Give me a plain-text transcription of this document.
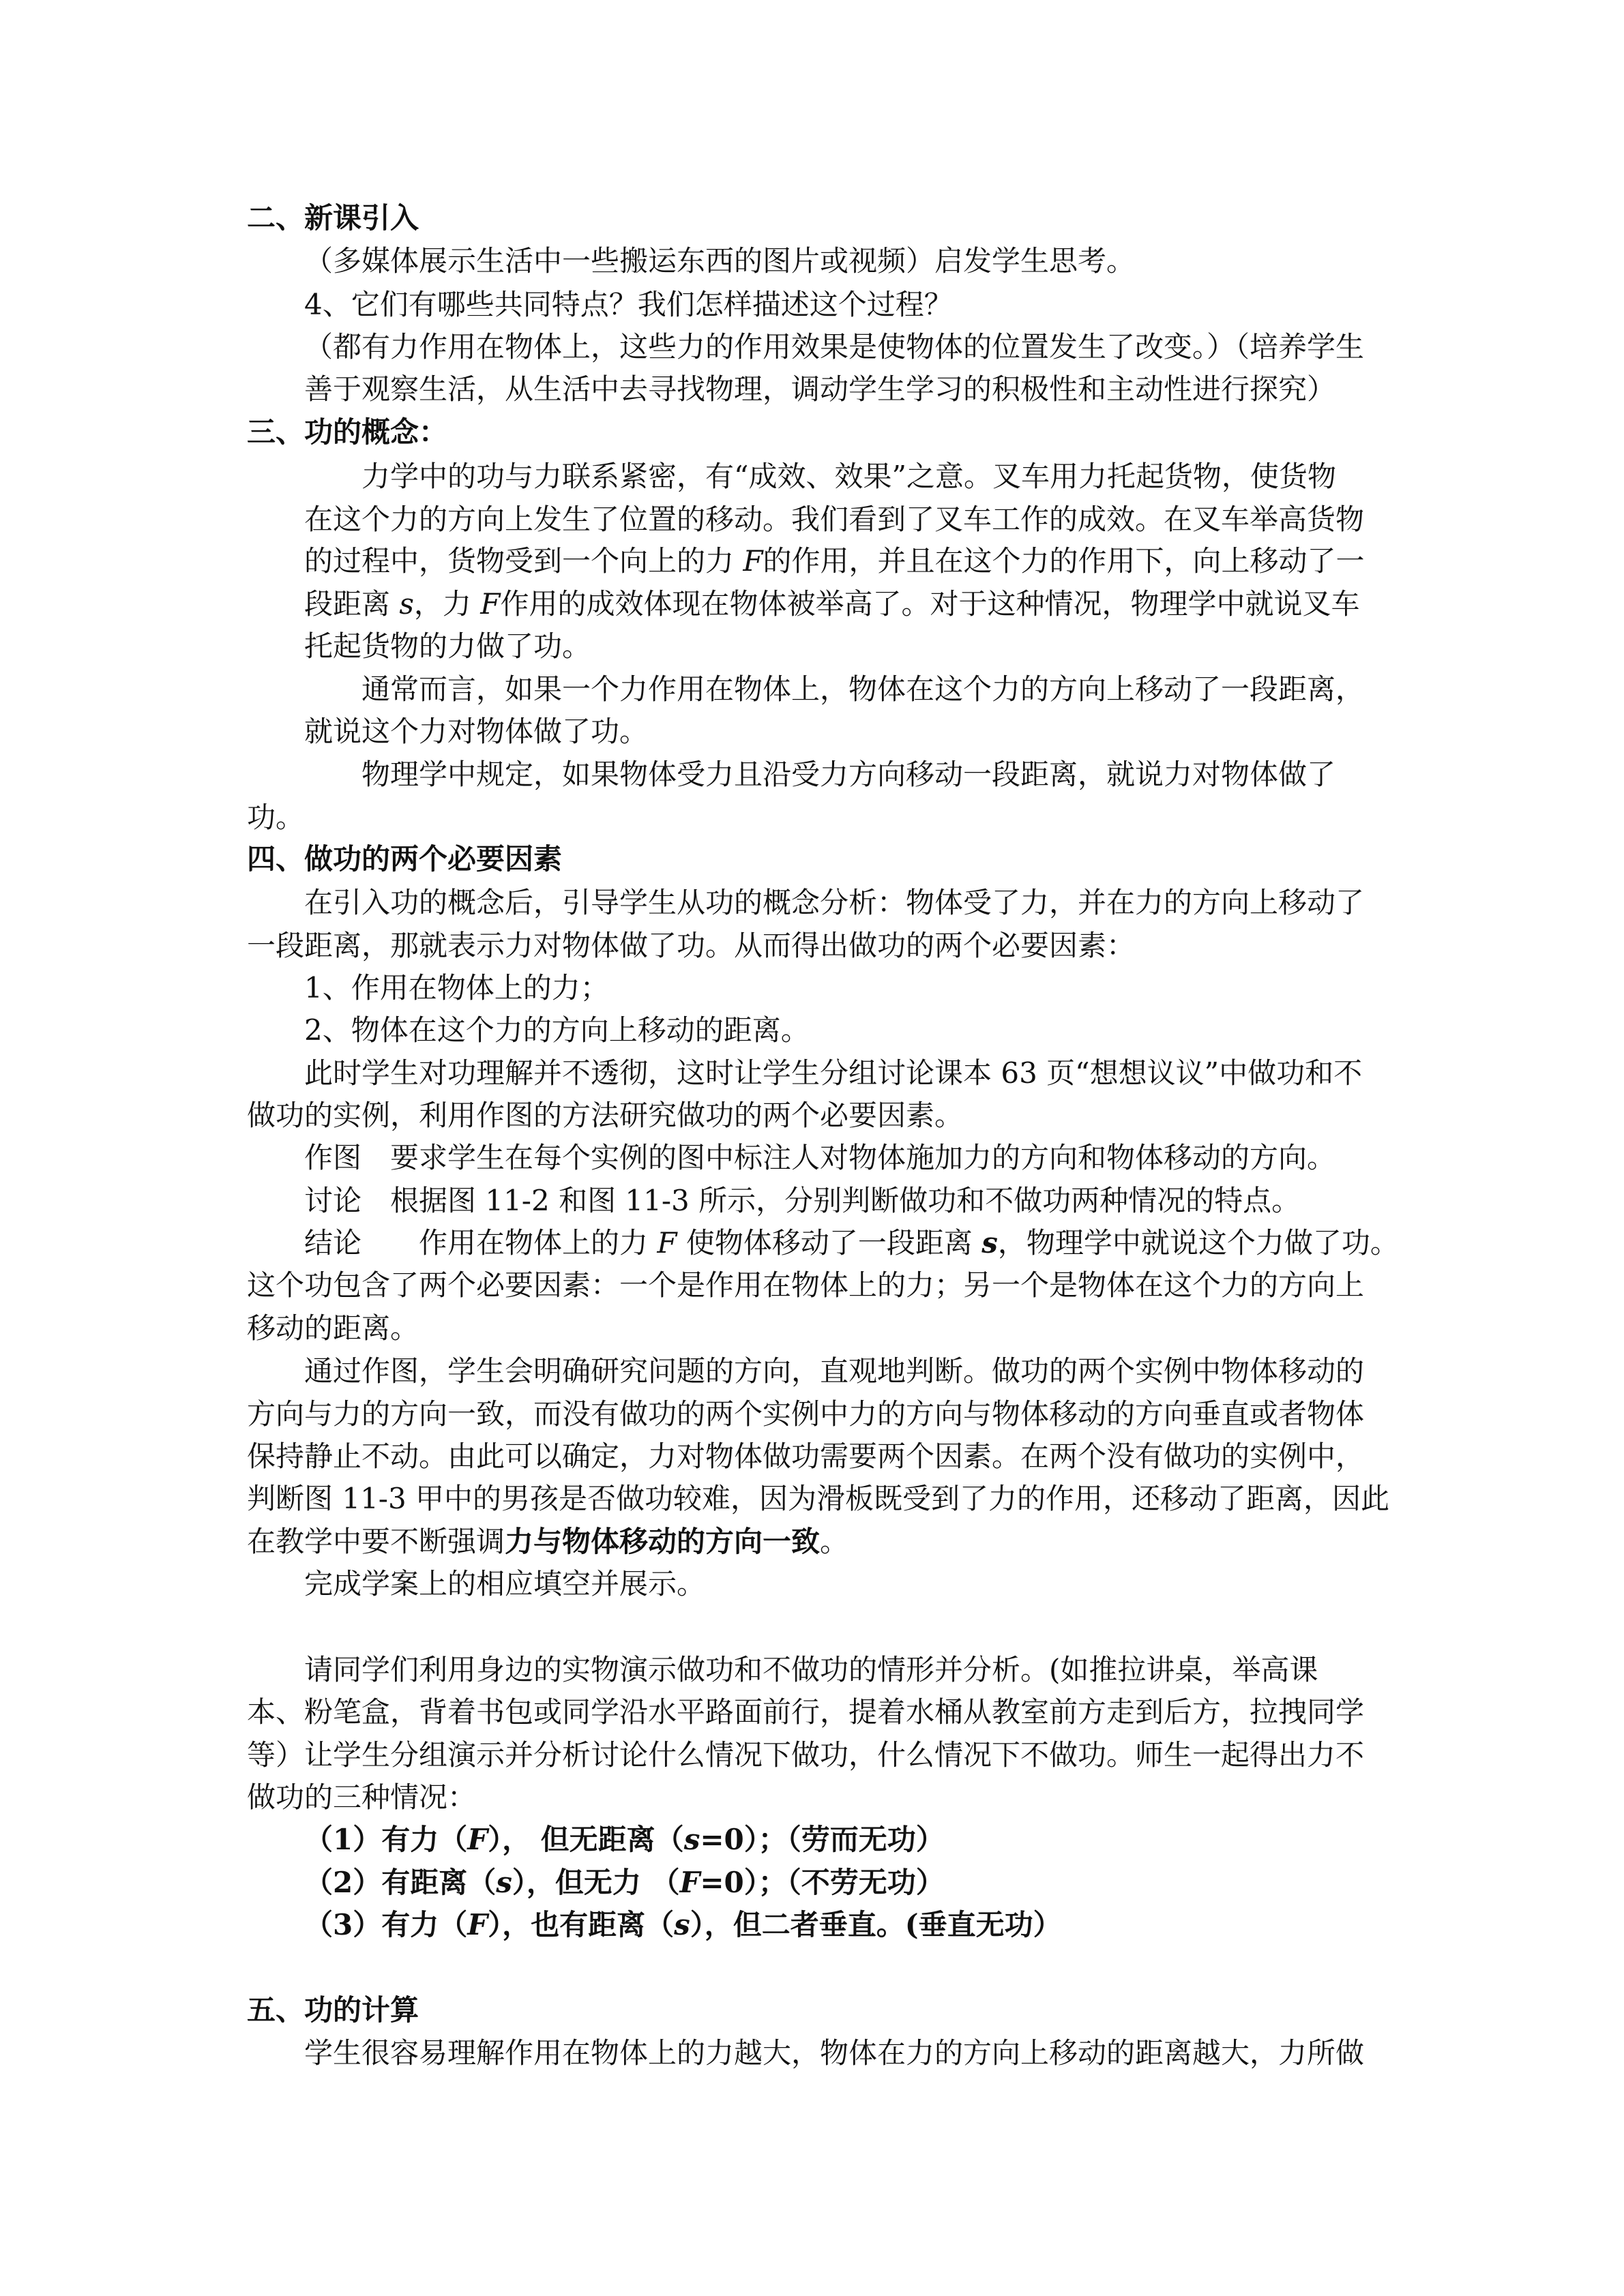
二、新课引入

（多媒体展示生活中一些搬运东西的图片或视频）启发学生思考。

4、它们有哪些共同特点？我们怎样描述这个过程？

（都有力作用在物体上，这些力的作用效果是使物体的位置发生了改变。）（培养学生

善于观察生活，从生活中去寻找物理，调动学生学习的积极性和主动性进行探究）

三、功的概念：

力学中的功与力联系紧密，有“成效、效果”之意。叉车用力托起货物，使货物

在这个力的方向上发生了位置的移动。我们看到了叉车工作的成效。在叉车举高货物

的过程中，货物受到一个向上的力 F的作用，并且在这个力的作用下，向上移动了一

段距离 s，力 F作用的成效体现在物体被举高了。对于这种情况，物理学中就说叉车

托起货物的力做了功。

通常而言，如果一个力作用在物体上，物体在这个力的方向上移动了一段距离，

就说这个力对物体做了功。

物理学中规定，如果物体受力且沿受力方向移动一段距离，就说力对物体做了

功。

四、做功的两个必要因素

在引入功的概念后，引导学生从功的概念分析：物体受了力，并在力的方向上移动了

一段距离，那就表示力对物体做了功。从而得出做功的两个必要因素：

1、作用在物体上的力；

2、物体在这个力的方向上移动的距离。

此时学生对功理解并不透彻，这时让学生分组讨论课本 63 页“想想议议”中做功和不

做功的实例，利用作图的方法研究做功的两个必要因素。

作图 要求学生在每个实例的图中标注人对物体施加力的方向和物体移动的方向。

讨论 根据图 11-2 和图 11-3 所示，分别判断做功和不做功两种情况的特点。

结论 作用在物体上的力 F 使物体移动了一段距离 s，物理学中就说这个力做了功。

这个功包含了两个必要因素：一个是作用在物体上的力；另一个是物体在这个力的方向上

移动的距离。

通过作图，学生会明确研究问题的方向，直观地判断。做功的两个实例中物体移动的

方向与力的方向一致，而没有做功的两个实例中力的方向与物体移动的方向垂直或者物体

保持静止不动。由此可以确定，力对物体做功需要两个因素。在两个没有做功的实例中，

判断图 11-3 甲中的男孩是否做功较难，因为滑板既受到了力的作用，还移动了距离，因此

在教学中要不断强调力与物体移动的方向一致。

完成学案上的相应填空并展示。

请同学们利用身边的实物演示做功和不做功的情形并分析。(如推拉讲桌，举高课

本、粉笔盒，背着书包或同学沿水平路面前行，提着水桶从教室前方走到后方，拉拽同学

等）让学生分组演示并分析讨论什么情况下做功，什么情况下不做功。师生一起得出力不

做功的三种情况：

（1）有力（F）， 但无距离（s=0）；（劳而无功）

（2）有距离（s），但无力 （F=0）；（不劳无功）

（3）有力（F），也有距离（s），但二者垂直。(垂直无功）

五、功的计算

学生很容易理解作用在物体上的力越大，物体在力的方向上移动的距离越大，力所做
